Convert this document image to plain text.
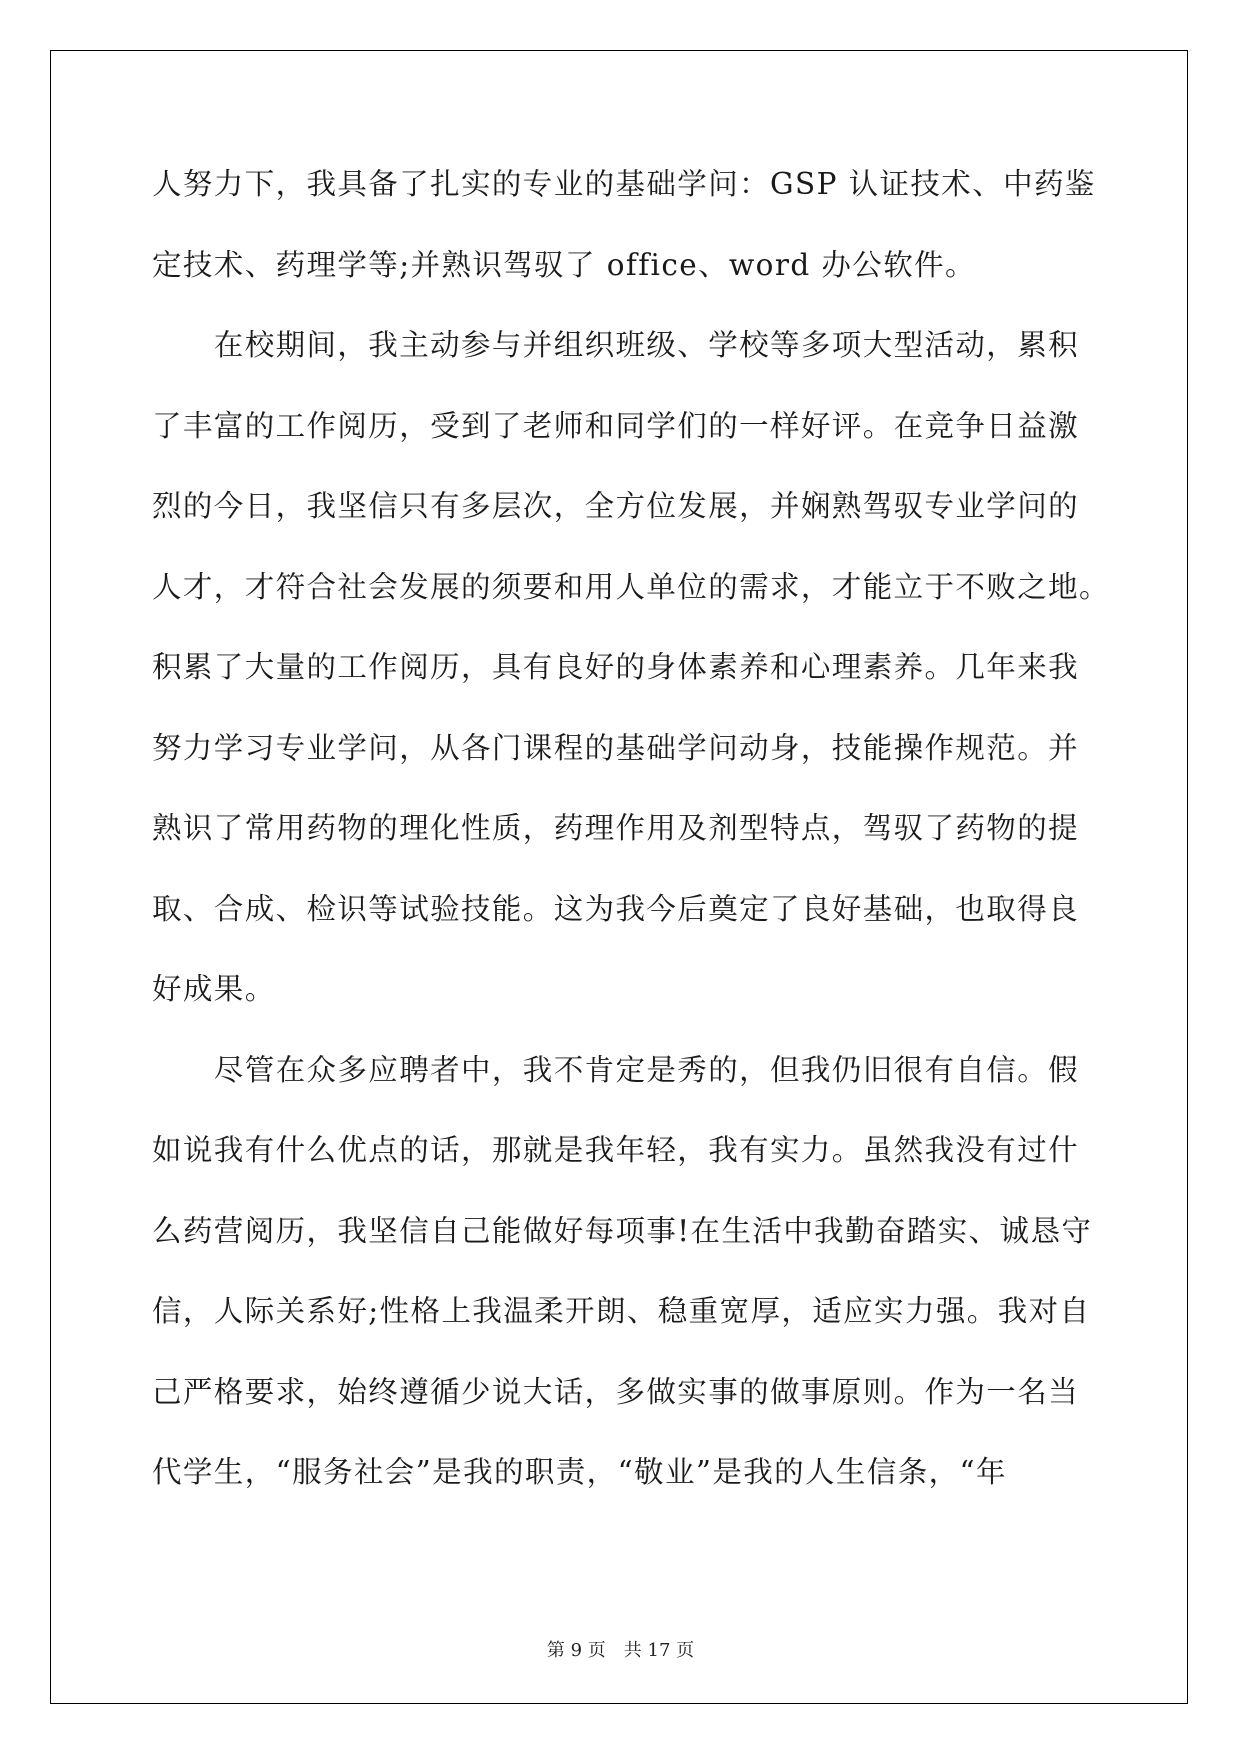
人努力下，我具备了扎实的专业的基础学问：GSP 认证技术、中药鉴
定技术、药理学等;并熟识驾驭了 office、word 办公软件。
　　在校期间，我主动参与并组织班级、学校等多项大型活动，累积
了丰富的工作阅历，受到了老师和同学们的一样好评。在竞争日益激
烈的今日，我坚信只有多层次，全方位发展，并娴熟驾驭专业学问的
人才，才符合社会发展的须要和用人单位的需求，才能立于不败之地。
积累了大量的工作阅历，具有良好的身体素养和心理素养。几年来我
努力学习专业学问，从各门课程的基础学问动身，技能操作规范。并
熟识了常用药物的理化性质，药理作用及剂型特点，驾驭了药物的提
取、合成、检识等试验技能。这为我今后奠定了良好基础，也取得良
好成果。
　　尽管在众多应聘者中，我不肯定是秀的，但我仍旧很有自信。假
如说我有什么优点的话，那就是我年轻，我有实力。虽然我没有过什
么药营阅历，我坚信自己能做好每项事!在生活中我勤奋踏实、诚恳守
信，人际关系好;性格上我温柔开朗、稳重宽厚，适应实力强。我对自
己严格要求，始终遵循少说大话，多做实事的做事原则。作为一名当
代学生，“服务社会”是我的职责，“敬业”是我的人生信条，“年
第 9 页　共 17 页
